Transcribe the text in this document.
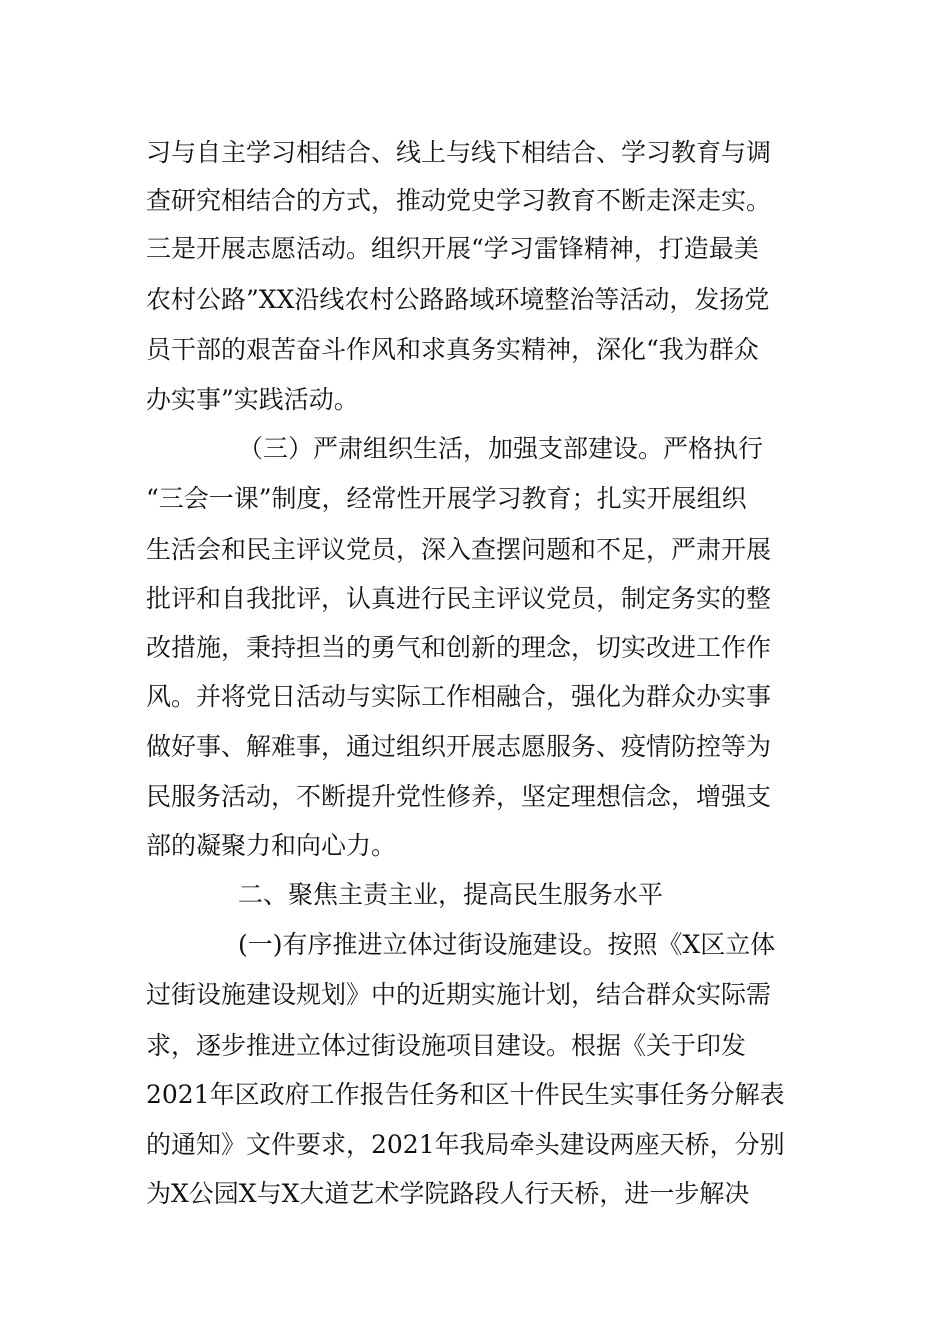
习与自主学习相结合、线上与线下相结合、学习教育与调
查研究相结合的方式，推动党史学习教育不断走深走实。
三是开展志愿活动。组织开展“学习雷锋精神，打造最美
农村公路”XX沿线农村公路路域环境整治等活动，发扬党
员干部的艰苦奋斗作风和求真务实精神，深化“我为群众
办实事”实践活动。
（三）严肃组织生活，加强支部建设。严格执行
“三会一课”制度，经常性开展学习教育；扎实开展组织
生活会和民主评议党员，深入查摆问题和不足，严肃开展
批评和自我批评，认真进行民主评议党员，制定务实的整
改措施，秉持担当的勇气和创新的理念，切实改进工作作
风。并将党日活动与实际工作相融合，强化为群众办实事
做好事、解难事，通过组织开展志愿服务、疫情防控等为
民服务活动，不断提升党性修养，坚定理想信念，增强支
部的凝聚力和向心力。
二、聚焦主责主业，提高民生服务水平
(一)有序推进立体过街设施建设。按照《X区立体
过街设施建设规划》中的近期实施计划，结合群众实际需
求，逐步推进立体过街设施项目建设。根据《关于印发
2021年区政府工作报告任务和区十件民生实事任务分解表
的通知》文件要求，2021年我局牵头建设两座天桥，分别
为X公园X与X大道艺术学院路段人行天桥，进一步解决
